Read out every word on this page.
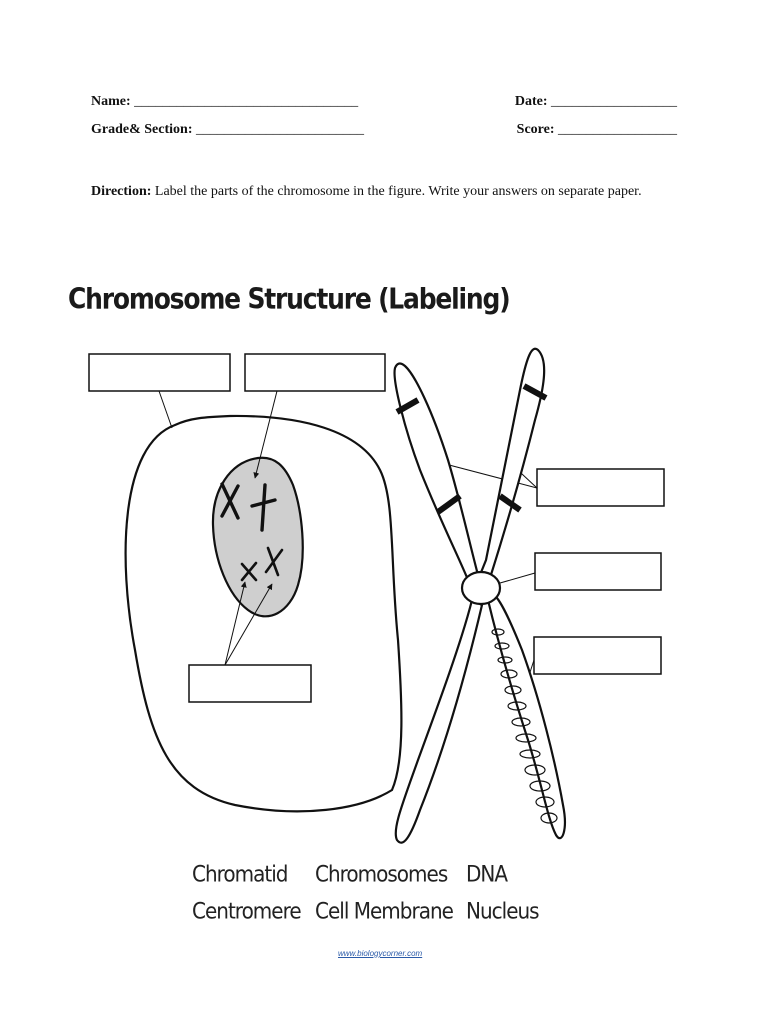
Name: ________________________________	Date: __________________
Grade& Section: ________________________	Score: _________________
Direction: Label the parts of the chromosome in the figure. Write your answers on separate paper.
Chromosome Structure (Labeling)
Chromatid Chromosomes DNA
Centromere Cell Membrane Nucleus
www.biologycorner.com
